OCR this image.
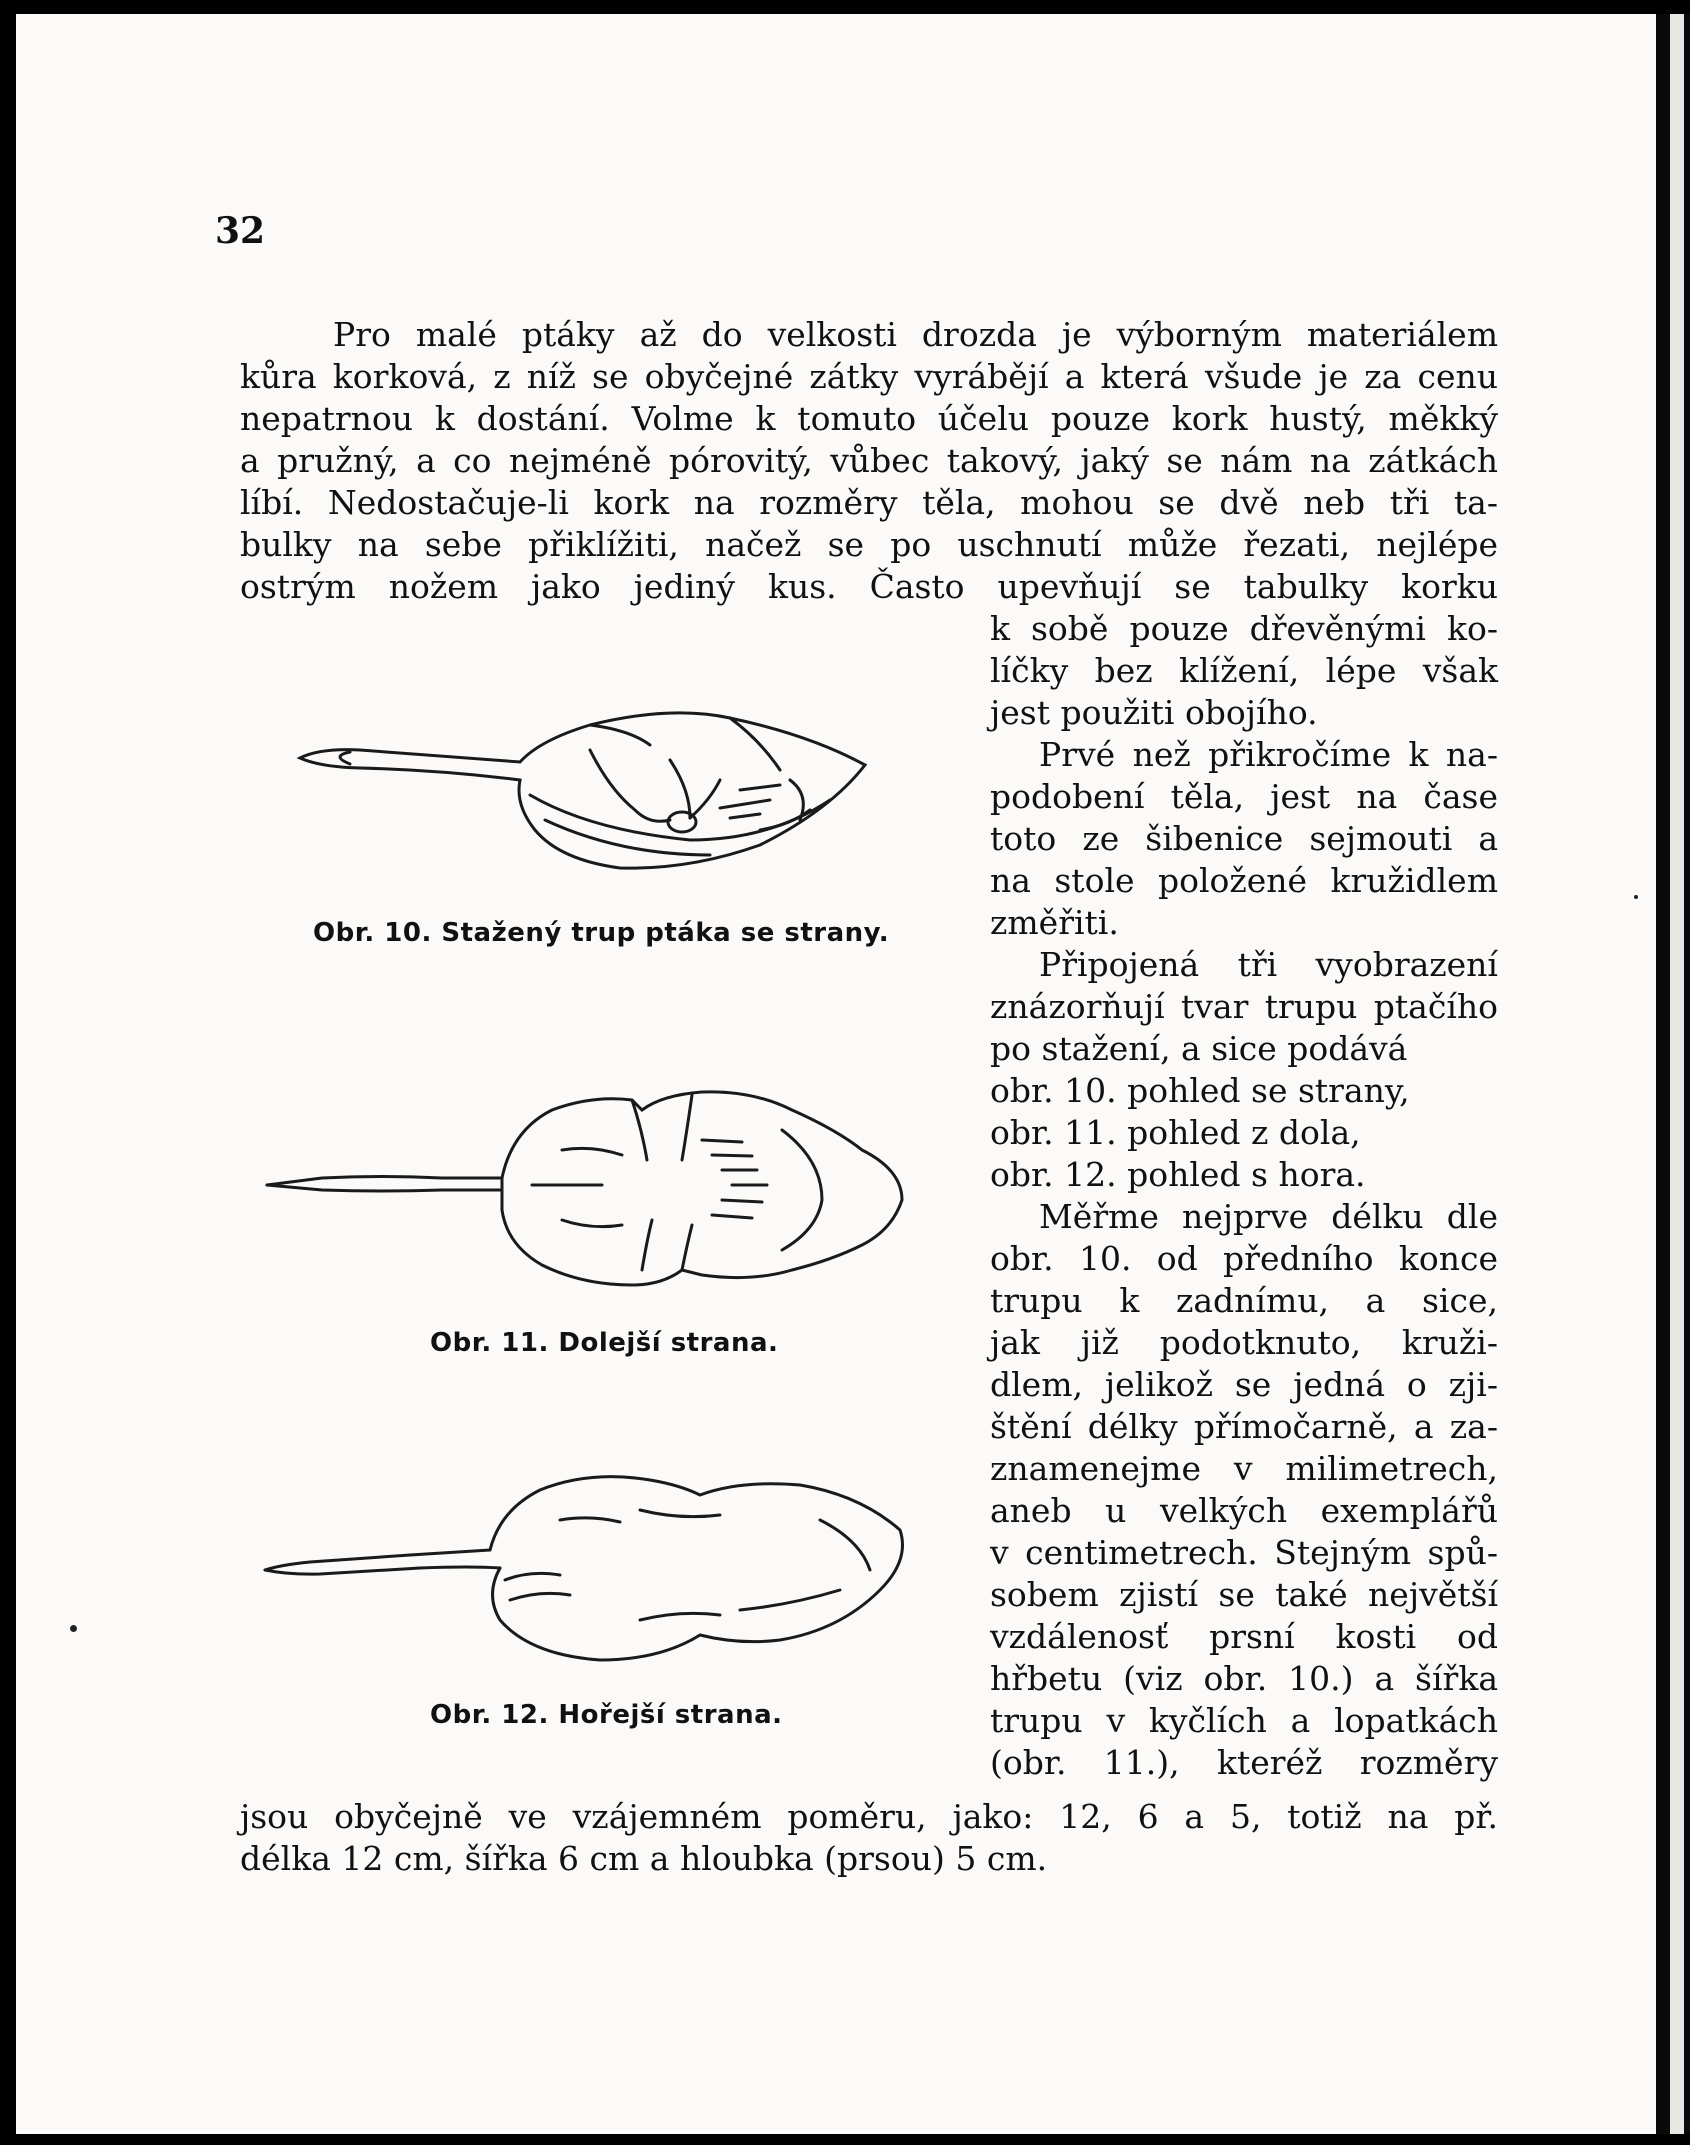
32
Pro malé ptáky až do velkosti drozda je výborným materiálem
kůra korková, z níž se obyčejné zátky vyrábějí a která všude je za cenu
nepatrnou k dostání. Volme k tomuto účelu pouze kork hustý, měkký
a pružný, a co nejméně pórovitý, vůbec takový, jaký se nám na zátkách
líbí. Nedostačuje-li kork na rozměry těla, mohou se dvě neb tři ta-
bulky na sebe přiklížiti, načež se po uschnutí může řezati, nejlépe
ostrým nožem jako jediný kus. Často upevňují se tabulky korku
k sobě pouze dřevěnými ko-
líčky bez klížení, lépe však
jest použiti obojího.
Prvé než přikročíme k na-
podobení těla, jest na čase
toto ze šibenice sejmouti a
na stole položené kružidlem
změřiti.
Připojená tři vyobrazení
znázorňují tvar trupu ptačího
po stažení, a sice podává
obr. 10. pohled se strany,
obr. 11. pohled z dola,
obr. 12. pohled s hora.
Měřme nejprve délku dle
obr. 10. od předního konce
trupu k zadnímu, a sice,
jak již podotknuto, kruži-
dlem, jelikož se jedná o zji-
štění délky přímočarně, a za-
znamenejme v milimetrech,
aneb u velkých exemplářů
v centimetrech. Stejným spů-
sobem zjistí se také největší
vzdálenosť prsní kosti od
hřbetu (viz obr. 10.) a šířka
trupu v kyčlích a lopatkách
(obr. 11.), kteréž rozměry
jsou obyčejně ve vzájemném poměru, jako: 12, 6 a 5, totiž na př.
délka 12 cm, šířka 6 cm a hloubka (prsou) 5 cm.
Obr. 10. Stažený trup ptáka se strany.
Obr. 11. Dolejší strana.
Obr. 12. Hořejší strana.
